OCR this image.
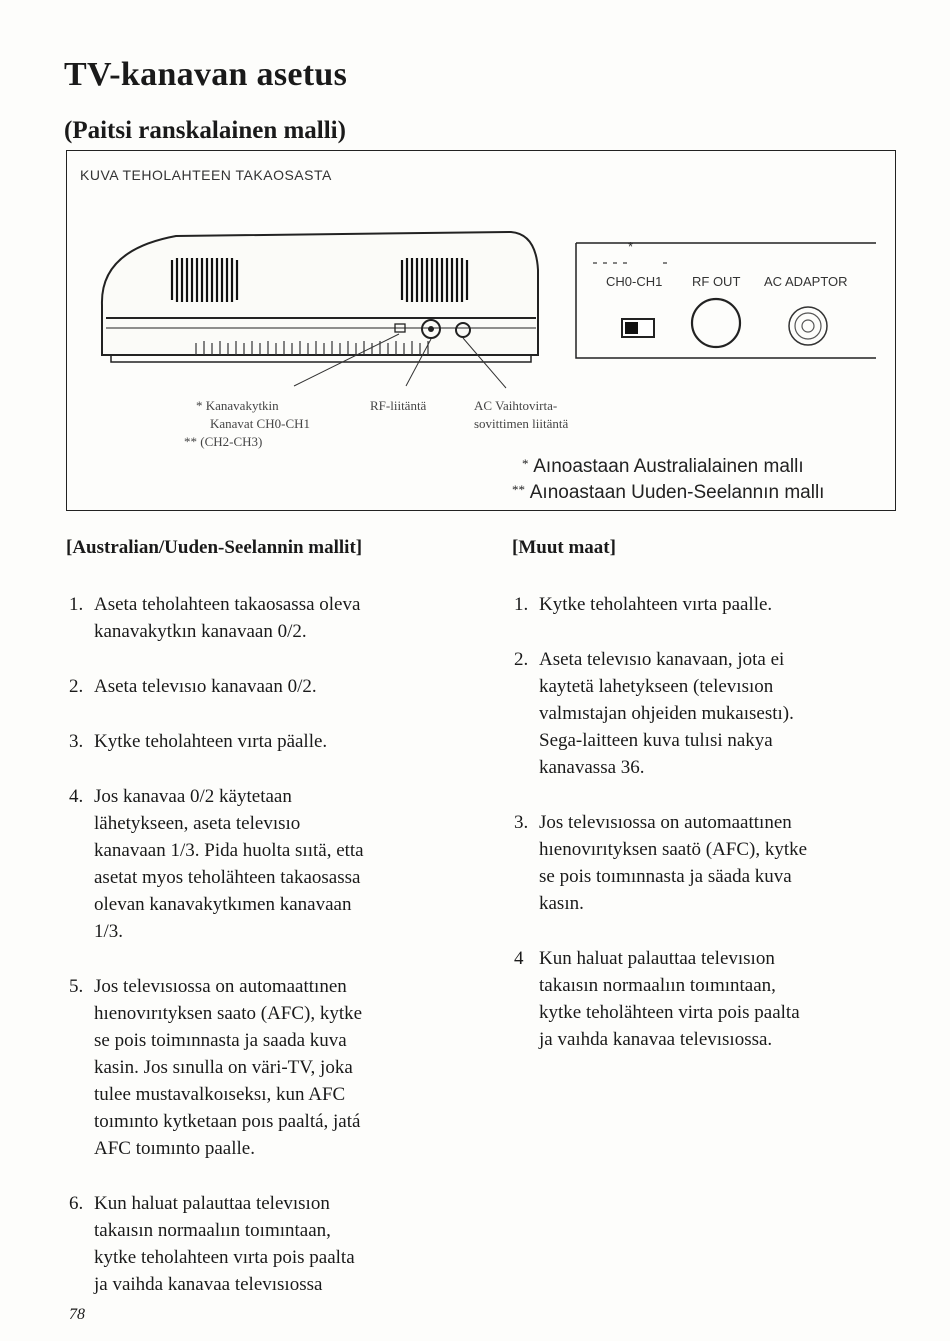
TV-kanavan asetus
(Paitsi ranskalainen malli)
KUVA TEHOLAHTEEN TAKAOSASTA
*
CH0-CH1 RF OUT AC ADAPTOR
* Kanavakytkin
Kanavat CH0-CH1
** (CH2-CH3)
RF-liitäntä	AC Vaihtovirta-
sovittimen liitäntä
* Aınoastaan Australialainen mallı
** Aınoastaan Uuden-Seelannın mallı
[Australian/Uuden-Seelannin mallit]	[Muut maat]
1. Aseta teholahteen takaosassa oleva
kanavakytkın kanavaan 0/2.
2. Aseta televısıo kanavaan 0/2.
3. Kytke teholahteen vırta päalle.
4. Jos kanavaa 0/2 käytetaan
lähetykseen, aseta televısıo
kanavaan 1/3. Pida huolta sııtä, etta
asetat myos teholähteen takaosassa
olevan kanavakytkımen kanavaan
1/3.
5. Jos televısıossa on automaattınen
hıenovırıtyksen saato (AFC), kytke
se pois toimınnasta ja saada kuva
kasin. Jos sınulla on väri-TV, joka
tulee mustavalkoıseksı, kun AFC
toımınto kytketaan poıs paaltá, jatá
AFC toımınto paalle.
6. Kun haluat palauttaa televısıon
takaısın normaalıın toımıntaan,
kytke teholahteen vırta pois paalta
ja vaihda kanavaa televısıossa
1. Kytke teholahteen vırta paalle.
2. Aseta televısıo kanavaan, jota ei
kaytetä lahetykseen (televısıon
valmıstajan ohjeiden mukaısestı).
Sega-laitteen kuva tulısi nakya
kanavassa 36.
3. Jos televısıossa on automaattınen
hıenovırıtyksen saatö (AFC), kytke
se pois toımınnasta ja säada kuva
kasın.
4 Kun haluat palauttaa televısıon
takaısın normaalıın toımıntaan,
kytke teholähteen virta pois paalta
ja vaıhda kanavaa televısıossa.
78
